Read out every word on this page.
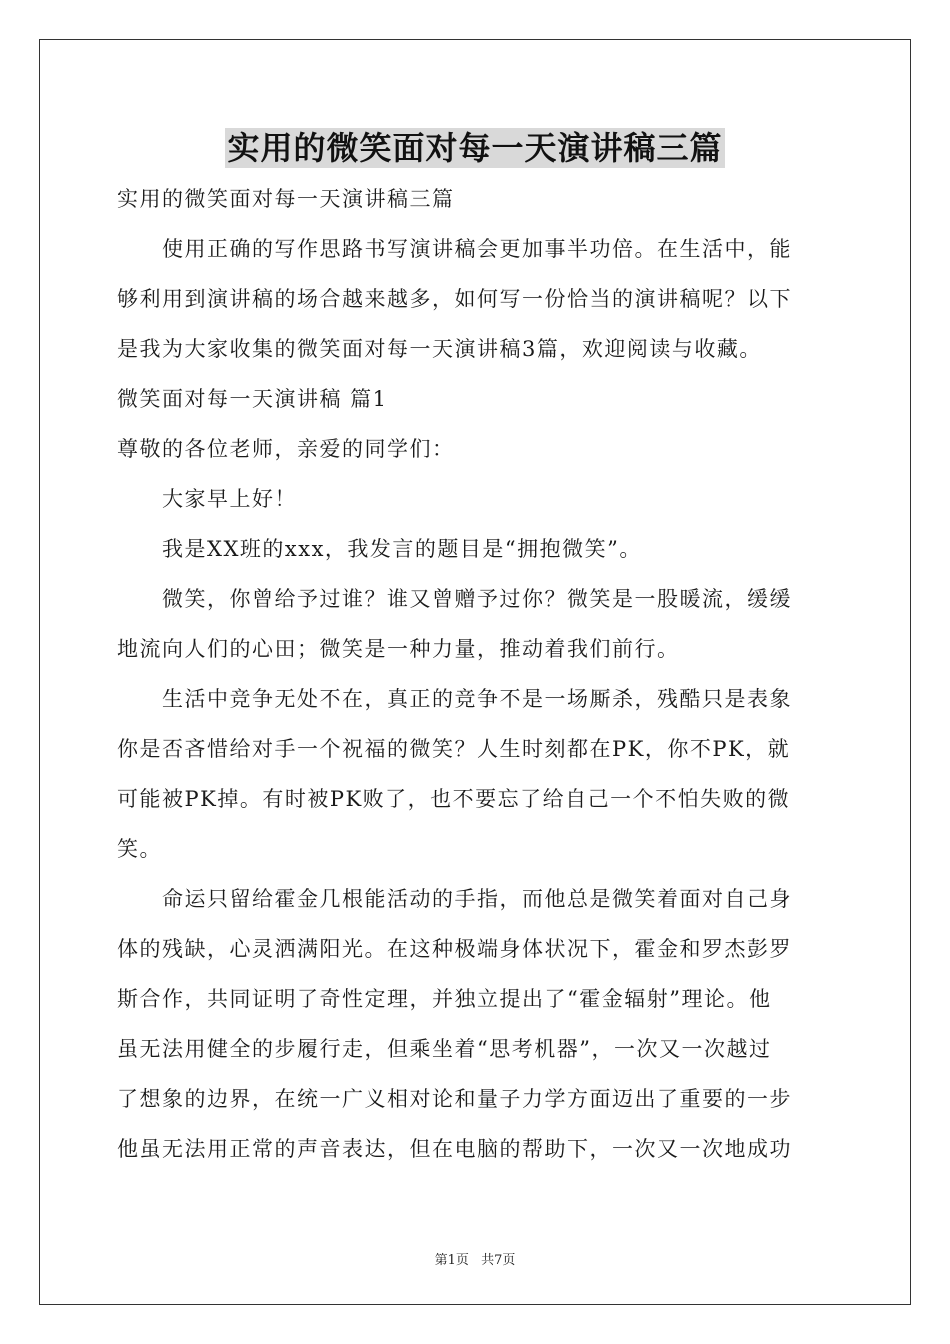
实用的微笑面对每一天演讲稿三篇
实用的微笑面对每一天演讲稿三篇
　　使用正确的写作思路书写演讲稿会更加事半功倍。在生活中，能
够利用到演讲稿的场合越来越多，如何写一份恰当的演讲稿呢？以下
是我为大家收集的微笑面对每一天演讲稿3篇，欢迎阅读与收藏。
微笑面对每一天演讲稿 篇1
尊敬的各位老师，亲爱的同学们：
　　大家早上好！
　　我是XX班的xxx，我发言的题目是“拥抱微笑”。
　　微笑，你曾给予过谁？谁又曾赠予过你？微笑是一股暖流，缓缓
地流向人们的心田；微笑是一种力量，推动着我们前行。
　　生活中竞争无处不在，真正的竞争不是一场厮杀，残酷只是表象
你是否吝惜给对手一个祝福的微笑？人生时刻都在PK，你不PK，就
可能被PK掉。有时被PK败了，也不要忘了给自己一个不怕失败的微
笑。
　　命运只留给霍金几根能活动的手指，而他总是微笑着面对自己身
体的残缺，心灵洒满阳光。在这种极端身体状况下，霍金和罗杰彭罗
斯合作，共同证明了奇性定理，并独立提出了“霍金辐射”理论。他
虽无法用健全的步履行走，但乘坐着“思考机器”，一次又一次越过
了想象的边界，在统一广义相对论和量子力学方面迈出了重要的一步
他虽无法用正常的声音表达，但在电脑的帮助下，一次又一次地成功
第1页 共7页
